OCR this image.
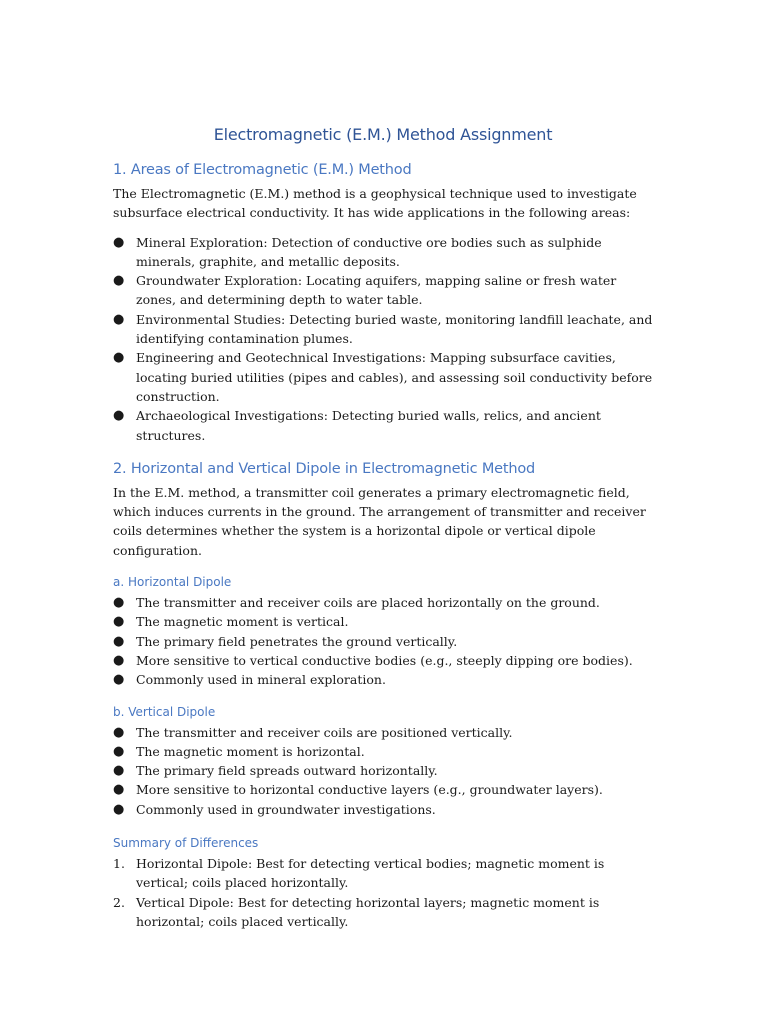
Electromagnetic (E.M.) Method Assignment
1. Areas of Electromagnetic (E.M.) Method

The Electromagnetic (E.M.) method is a geophysical technique used to investigate subsurface electrical conductivity. It has wide applications in the following areas:

● Mineral Exploration: Detection of conductive ore bodies such as sulphide minerals, graphite, and metallic deposits.
● Groundwater Exploration: Locating aquifers, mapping saline or fresh water zones, and determining depth to water table.
● Environmental Studies: Detecting buried waste, monitoring landfill leachate, and identifying contamination plumes.
● Engineering and Geotechnical Investigations: Mapping subsurface cavities, locating buried utilities (pipes and cables), and assessing soil conductivity before construction.
● Archaeological Investigations: Detecting buried walls, relics, and ancient structures.
2. Horizontal and Vertical Dipole in Electromagnetic Method

In the E.M. method, a transmitter coil generates a primary electromagnetic field, which induces currents in the ground. The arrangement of transmitter and receiver coils determines whether the system is a horizontal dipole or vertical dipole configuration.

a. Horizontal Dipole
● The transmitter and receiver coils are placed horizontally on the ground.
● The magnetic moment is vertical.
● The primary field penetrates the ground vertically.
● More sensitive to vertical conductive bodies (e.g., steeply dipping ore bodies).
● Commonly used in mineral exploration.
b. Vertical Dipole
● The transmitter and receiver coils are positioned vertically.
● The magnetic moment is horizontal.
● The primary field spreads outward horizontally.
● More sensitive to horizontal conductive layers (e.g., groundwater layers).
● Commonly used in groundwater investigations.
Summary of Differences
1. Horizontal Dipole: Best for detecting vertical bodies; magnetic moment is vertical; coils placed horizontally.
2. Vertical Dipole: Best for detecting horizontal layers; magnetic moment is horizontal; coils placed vertically.
